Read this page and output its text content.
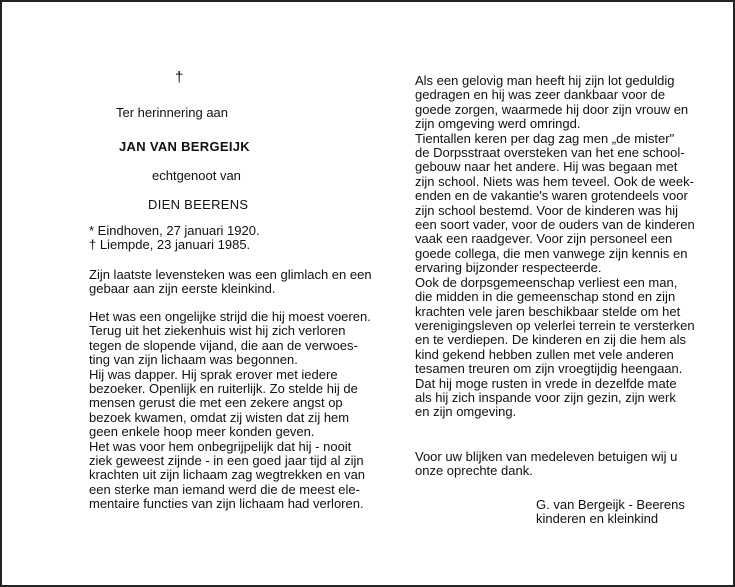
†
Ter herinnering aan
JAN VAN BERGEIJK
echtgenoot van
DIEN BEERENS
* Eindhoven, 27 januari 1920.
† Liempde, 23 januari 1985.
Zijn laatste levensteken was een glimlach en een
gebaar aan zijn eerste kleinkind.
Het was een ongelijke strijd die hij moest voeren.
Terug uit het ziekenhuis wist hij zich verloren
tegen de slopende vijand, die aan de verwoes-
ting van zijn lichaam was begonnen.
Hij was dapper. Hij sprak erover met iedere
bezoeker. Openlijk en ruiterlijk. Zo stelde hij de
mensen gerust die met een zekere angst op
bezoek kwamen, omdat zij wisten dat zij hem
geen enkele hoop meer konden geven.
Het was voor hem onbegrijpelijk dat hij - nooit
ziek geweest zijnde - in een goed jaar tijd al zijn
krachten uit zijn lichaam zag wegtrekken en van
een sterke man iemand werd die de meest ele-
mentaire functies van zijn lichaam had verloren.
Als een gelovig man heeft hij zijn lot geduldig
gedragen en hij was zeer dankbaar voor de
goede zorgen, waarmede hij door zijn vrouw en
zijn omgeving werd omringd.
Tientallen keren per dag zag men „de mister"
de Dorpsstraat oversteken van het ene school-
gebouw naar het andere. Hij was begaan met
zijn school. Niets was hem teveel. Ook de week-
enden en de vakantie's waren grotendeels voor
zijn school bestemd. Voor de kinderen was hij
een soort vader, voor de ouders van de kinderen
vaak een raadgever. Voor zijn personeel een
goede collega, die men vanwege zijn kennis en
ervaring bijzonder respecteerde.
Ook de dorpsgemeenschap verliest een man,
die midden in die gemeenschap stond en zijn
krachten vele jaren beschikbaar stelde om het
verenigingsleven op velerlei terrein te versterken
en te verdiepen. De kinderen en zij die hem als
kind gekend hebben zullen met vele anderen
tesamen treuren om zijn vroegtijdig heengaan.
Dat hij moge rusten in vrede in dezelfde mate
als hij zich inspande voor zijn gezin, zijn werk
en zijn omgeving.
Voor uw blijken van medeleven betuigen wij u
onze oprechte dank.
G. van Bergeijk - Beerens
kinderen en kleinkind
